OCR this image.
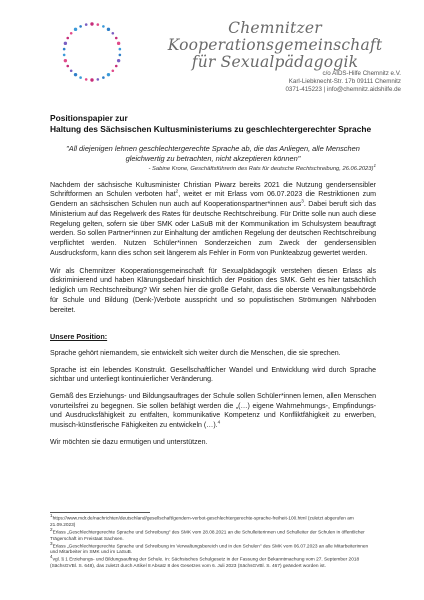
Chemnitzer Kooperationsgemeinschaft
für Sexualpädagogik
c/o AIDS-Hilfe Chemnitz e.V.
Karl-Liebknecht-Str. 17b 09111 Chemnitz
0371-415223 | info@chemnitz.aidshilfe.de
Positionspapier zur
Haltung des Sächsischen Kultusministeriums zu geschlechtergerechter Sprache
"All diejenigen lehnen geschlechtergerechte Sprache ab, die das Anliegen, alle Menschen gleichwertig zu betrachten, nicht akzeptieren können"
- Sabine Krone, Geschäftsführerin des Rats für deutsche Rechtschreibung, 26.06.2023)$^1$

Nachdem der sächsische Kultusminister Christian Piwarz bereits 2021 die Nutzung gendersensibler Schriftformen an Schulen verboten hat$^2$, weitet er mit Erlass vom 06.07.2023 die Restriktionen zum Gendern an sächsischen Schulen nun auch auf Kooperationspartner*innen aus$^3$. Dabei beruft sich das Ministerium auf das Regelwerk des Rates für deutsche Rechtschreibung. Für Dritte solle nun auch diese Regelung gelten, sofern sie über SMK oder LaSuB mit der Kommunikation im Schulsystem beauftragt werden. So sollen Partner*innen zur Einhaltung der amtlichen Regelung der deutschen Rechtschreibung verpflichtet werden. Nutzen Schüler*innen Sonderzeichen zum Zweck der gendersensiblen Ausdrucksform, kann dies schon seit längerem als Fehler in Form von Punkteabzug gewertet werden.

Wir als Chemnitzer Kooperationsgemeinschaft für Sexualpädagogik verstehen diesen Erlass als diskriminierend und haben Klärungsbedarf hinsichtlich der Position des SMK. Geht es hier tatsächlich lediglich um Rechtschreibung? Wir sehen hier die große Gefahr, dass die oberste Verwaltungsbehörde für Schule und Bildung (Denk-)Verbote ausspricht und so populistischen Strömungen Nährboden bereitet.

Unsere Position:

Sprache gehört niemandem, sie entwickelt sich weiter durch die Menschen, die sie sprechen.

Sprache ist ein lebendes Konstrukt. Gesellschaftlicher Wandel und Entwicklung wird durch Sprache sichtbar und unterliegt kontinuierlicher Veränderung.

Gemäß des Erziehungs- und Bildungsauftrages der Schule sollen Schüler*innen lernen, allen Menschen vorurteilsfrei zu begegnen. Sie sollen befähigt werden die „(…) eigene Wahrnehmungs-, Empfindungs- und Ausdrucksfähigkeit zu entfalten, kommunikative Kompetenz und Konfliktfähigkeit zu erwerben, musisch-künstlerische Fähigkeiten zu entwickeln (…).$^4$

Wir möchten sie dazu ermutigen und unterstützen.

$^1$https://www.mdr.de/nachrichten/deutschland/gesellschaft/gendern-verbot-geschlechtergerechte-sprache-freiheit-100.html (zuletzt abgerufen am 21.09.2023)
$^2$Erlass „Geschlechtergerechte Sprache und Schreibung" des SMK vom 28.08.2021 an die Schulleiterinnen und Schulleiter der Schulen in öffentlicher Trägerschaft im Freistaat Sachsen.
$^3$Erlass „Geschlechtergerechte Sprache und Schreibung im Verwaltungsbereich und in den Schulen" des SMK vom 06.07.2023 an alle Mitarbeiterinnen und Mitarbeiter im SMK und im LaSuB.
$^4$vgl. § 1 Erziehungs- und Bildungsauftrag der Schule. In: Sächsisches Schulgesetz in der Fassung der Bekanntmachung vom 27. September 2018 (SächsGVBl. S. 648), das zuletzt durch Artikel 8 Absatz 8 des Gesetzes vom 6. Juli 2023 (SächsGVBl. S. 467) geändert worden ist.
